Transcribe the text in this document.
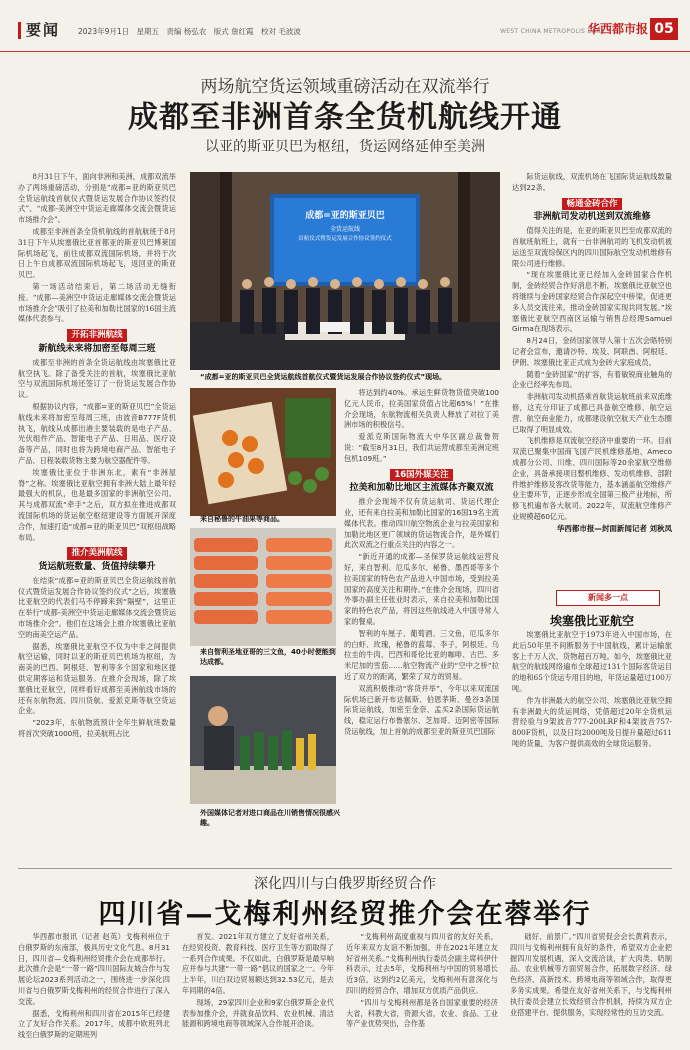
要闻 2023年9月1日 星期五 责编 杨弘农 版式 詹红霞 校对 毛波波	WEST CHINA METROPOLIS DAILY
华西都市报 05
两场航空货运领域重磅活动在双流举行
成都至非洲首条全货机航线开通
以亚的斯亚贝巴为枢纽，货运网络延伸至美洲

8月31日下午，面向非洲和美洲，成都双流举办了两场重磅活动，分别是“成都=亚的斯亚贝巴全货运航线首航仪式暨货运发展合作协议签约仪式”、“成都-美洲空中货运走廊媒体交流会暨货运市场推介会”。

成都至非洲首条全货机航线的首航航班于8月31日下午从埃塞俄比亚首都亚的斯亚贝巴博莱国际机场起飞，前往成都双流国际机场，并将于次日上午自成都双流国际机场起飞，返回亚的斯亚贝巴。

第一场活动结束后，第二场活动无缝衔接。“成都—美洲空中货运走廊媒体交流会暨货运市场推介会”吸引了拉美和加勒比国家的16国主流媒体代表参与。

开拓非洲航线
新航线未来将加密至每周三班

成都至非洲的首条全货运航线由埃塞俄比亚航空执飞。除了备受关注的首航，埃塞俄比亚航空与双流国际机场还签订了一份货运发展合作协议。

根据协议内容，“成都=亚的斯亚贝巴”全货运航线未来将加密至每周三班，由波音B777F货机执飞，航线从成都出港主要装载的是电子产品、光伏组件产品、智能电子产品、日用品、医疗设备等产品，同时也将为跨境电商产品、智能电子产品、日程装载货物主要为航空器配件等。

埃塞俄比亚位于非洲东北，素有“非洲屋脊”之称。埃塞俄比亚航空拥有非洲大陆上最年轻最强大的机队，也是最多国家的非洲航空公司。其与成都双流“牵手”之后，双方拟在推进成都双流国际机场的货运航空枢纽建设等方面展开深度合作，加速打造“成都=亚的斯亚贝巴”双枢纽战略布局。

推介美洲航线
货运航班数量、货值持续攀升

在结束“成都=亚的斯亚贝巴全货运航线首航仪式暨货运发展合作协议签约仪式”之后，埃塞俄比亚航空的代表们马不停蹄来到“隔壁”，这里正在举行“成都-美洲空中货运走廊媒体交流会暨货运市场推介会”。他们在这场会上推介埃塞俄比亚航空的南美空运产品。

据悉，埃塞俄比亚航空不仅为中非之间提供航空运输，同时以亚的斯亚贝巴机场为枢纽，为南美的巴西、阿根廷、智利等多个国家和地区提供定期客运和货运服务。在推介会现场，除了埃塞俄比亚航空，同样看好成都至美洲航线市场的还有东航物流、四川货航、爱派克斯等航空货运企业。

“2023年，东航物流预计全年生鲜航班数量将首次突破1000班，拉美航班占比

成都=亚的斯亚贝巴
全货运航线
首航仪式暨货运发展合作协议签约仪式
“成都=亚的斯亚贝巴全货运航线首航仪式暨货运发展合作协议签约仪式”现场。
来自秘鲁的牛油果等商品。
来自智利圣地亚哥的三文鱼，40小时便能到达成都。
外国媒体记者对进口商品在川销售情况很感兴趣。

将达到约40%。承运生鲜货物货值突破100亿元人民币，拉美国家货值占比超65%！”在推介会现场，东航物流相关负责人释放了对拉丁美洲市场的积极信号。

爱派克斯国际物流大中华区副总裁鲁贺说：“截至8月31日，我们共运营成都至美洲定班包机109班。”

16国外媒关注
拉美和加勒比地区主流媒体齐聚双流

推介会现场不仅有货运航司、货运代理企业，还有来自拉美和加勒比国家的16国19名主流媒体代表。推动四川航空物流企业与拉美国家和加勒比地区更广领域的货运物流合作，是外媒们此次双流之行重点关注的内容之一。

“新近开通的成都—圣保罗货运航线运营良好，来自智利、厄瓜多尔、秘鲁、墨西哥等多个拉美国家的特色农产品进入中国市场，受到拉美国家的高度关注和期待。”在推介会现场，四川省外事办副主任张业时表示，来自拉美和加勒比国家的特色农产品，将因这些航线进入中国寻常人家的餐桌。

智利的车厘子、葡萄酒、三文鱼，厄瓜多尔的白虾、玫瑰，秘鲁的蓝莓、李子，阿根廷、乌拉圭的牛肉，巴西和哥伦比亚的咖啡、古巴、多米尼加的雪茄……航空物流产业的“空中之桥”拉近了双方的距离，繁荣了双方的贸易。

双流积极推动“客货并举”，今年以来双流国际机场已新开布达佩斯、伯恩茅斯、曼谷3条国际货运航线，加密至金奈、孟买2条国际货运航线，稳定运行布鲁塞尔、芝加哥、迈阿密等国际货运航线，加上首航的成都至亚的斯亚贝巴国际

际货运航线，双流机场在飞国际货运航线数量达到22条。

畅通金砖合作
非洲航司发动机送到双流维修

值得关注的是，在亚的斯亚贝巴至成都双流的首航班航班上，就有一台非洲航司的飞机发动机被运送至双流综保区内的四川国际航空发动机维修有限公司进行维修。

“现在埃塞俄比亚已经加入金砖国家合作机制，金砖经贸合作好消息不断，埃塞俄比亚航空也将继续与金砖国家经贸合作深起空中桥梁，促进更多人员交流往来，推动金砖国家实现共同发展。”埃塞俄比亚航空西南区运输与销售总经理Samuel Girma在现场表示。

8月24日，金砖国家领导人第十五次会晤特别记者会宣布，邀请沙特、埃及、阿联酋、阿根廷、伊朗、埃塞俄比亚正式成为金砖大家庭成员。

随着“金砖国家”的扩容，有着敏锐商业触角的企业已经率先布局。

非洲航司发动机搭乘首航货运航班前来双流维修，这充分印证了成都已具备航空维修、航空运营、航空商业能力，成都建设航空航天产业生态圈已取得了明显成效。

飞机维修是双流航空经济中重要的一环。目前双流已聚集中国商飞国产民机维修基地、Ameco成都分公司、川维、四川国际等20余家航空维修企业，具备承接项目整机维修、发动机维修、部附件维护维修及客改货等能力，基本涵盖航空维修产业主要环节，正逐步形成全国第三极产业地标，所修飞机遍布各大航司。2022年，双流航空维修产业规模超60亿元。

华西都市报—封面新闻记者 刘秋凤
新闻多一点
埃塞俄比亚航空

埃塞俄比亚航空于1973年进入中国市场，在此后50年里不间断服务于中国航线，累计运输旅客上千万人次、货物超百万吨。如今，埃塞俄比亚航空的航线网络遍布全球超过131个国际客货运目的地和65个货运专用目的地，年货运量超过100万吨。

作为非洲最大的航空公司、埃塞俄比亚航空拥有非洲最大的货运网络，凭借超过20年全货机运营经验与9架波音777-200LRF和4架波音757-800F货机，以及日均2000吨及日提升量超过611吨的货量，为客户提供高效的全球货运服务。

深化四川与白俄罗斯经贸合作
四川省—戈梅利州经贸推介会在蓉举行

华西都市报讯（记者 赵英）戈梅利州位于白俄罗斯的东南部，极具历史文化气息。8月31日，四川省—戈梅利州经贸推介会在成都举行。此次推介会是“一带一路”四川国际友城合作与发展论坛2023系列活动之一，围绕进一步深化四川省与白俄罗斯戈梅利州的经贸合作进行了深入交流。

据悉，戈梅利州和四川省在2015年已经建立了友好合作关系。2017年，成都中欧班列北线至白俄罗斯的定期班列

首发。2021年双方建立了友好省州关系，在经贸投资、教育科技、医疗卫生等方面取得了一系列合作成果。不仅如此，白俄罗斯是最早响应并参与共建“一带一路”倡议的国家之一。今年上半年，川白双边贸易额达到32.53亿元，是去年同期的4倍。

现场，29家四川企业和9家白俄罗斯企业代表参加推介会，并就食品饮料、农业机械、清洁能源和跨境电商等领域深入合作展开洽谈。

“戈梅利州高度重视与四川省的友好关系，近年来双方友谊不断加强，并在2021年建立友好省州关系。”戈梅利州执行委员会副主席科伊什科表示，过去5年，戈梅利州与中国的贸易增长近3倍，达到约2亿美元，戈梅利州有意深化与四川的经贸合作，增加双方优质产品供应。

“四川与戈梅利州都是各自国家重要的经济大省，科教大省，资源大省，农业、食品、工业等产业优势突出，合作基

础好、前景广。”四川省贸促会会长黄莉表示，四川与戈梅利州拥有良好的条件，希望双方企业把握四川发展机遇，深入交流洽谈，扩大肉类、奶制品、农业机械等方面贸易合作，拓展数字经济、绿色经济、高新技术、跨境电商等领域合作，取得更多务实成果。希望在友好省州关系下，与戈梅利州执行委员会建立长效经贸合作机制，持续为双方企业搭建平台、提供服务，实现经常性的互访交流。
